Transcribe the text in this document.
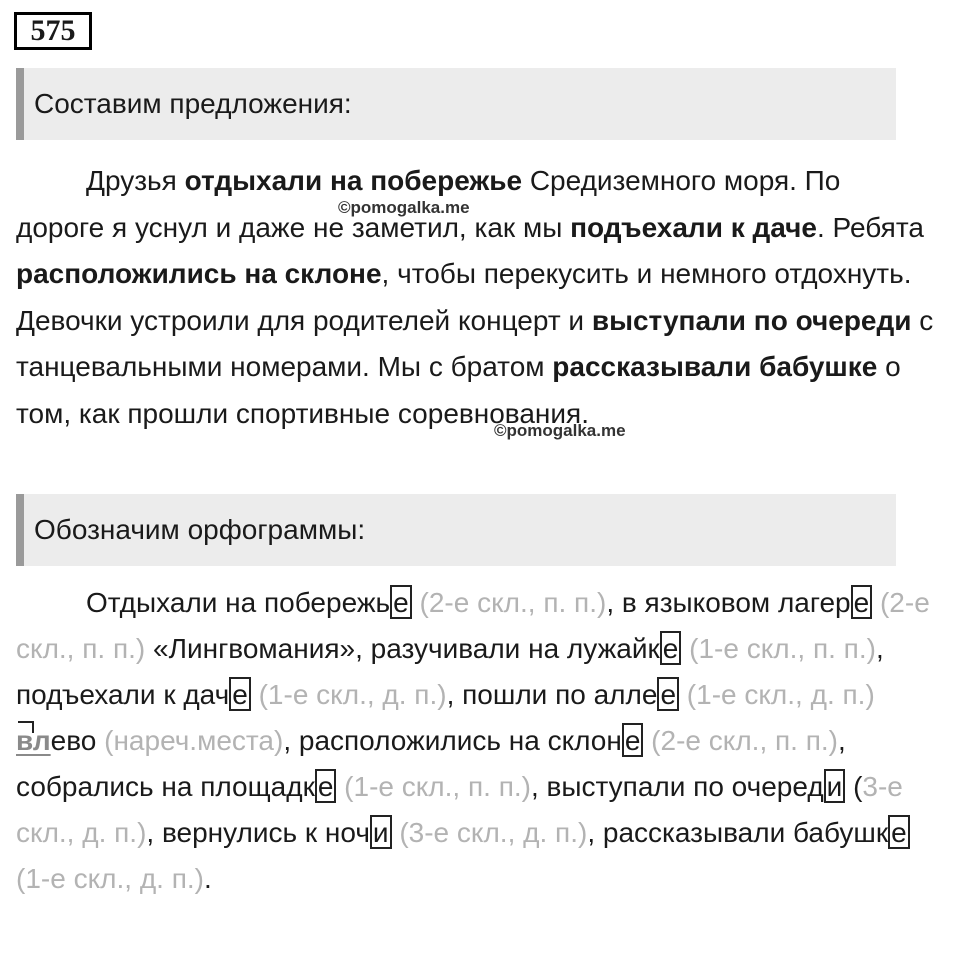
575
Составим предложения:

Друзья отдыхали на побережье Средиземного моря. По дороге я уснул и даже не заметил, как мы подъехали к даче. Ребята расположились на склоне, чтобы перекусить и немного отдохнуть. Девочки устроили для родителей концерт и выступали по очереди с танцевальными номерами. Мы с братом рассказывали бабушке о том, как прошли спортивные соревнования.

©pomogalka.me
©pomogalka.me
Обозначим орфограммы:

Отдыхали на побережь е (2-е скл., п. п.), в языковом лагер е (2-е скл., п. п.) «Лингвомания», разучивали на лужайк е (1-е скл., п. п.), подъехали к дач е (1-е скл., д. п.), пошли по алле е (1-е скл., д. п.) влево (нареч.места), расположились на склон е (2-е скл., п. п.), собрались на площадк е (1-е скл., п. п.), выступали по очеред и (3-е скл., д. п.), вернулись к ноч и (3-е скл., д. п.), рассказывали бабушк е (1-е скл., д. п.).
